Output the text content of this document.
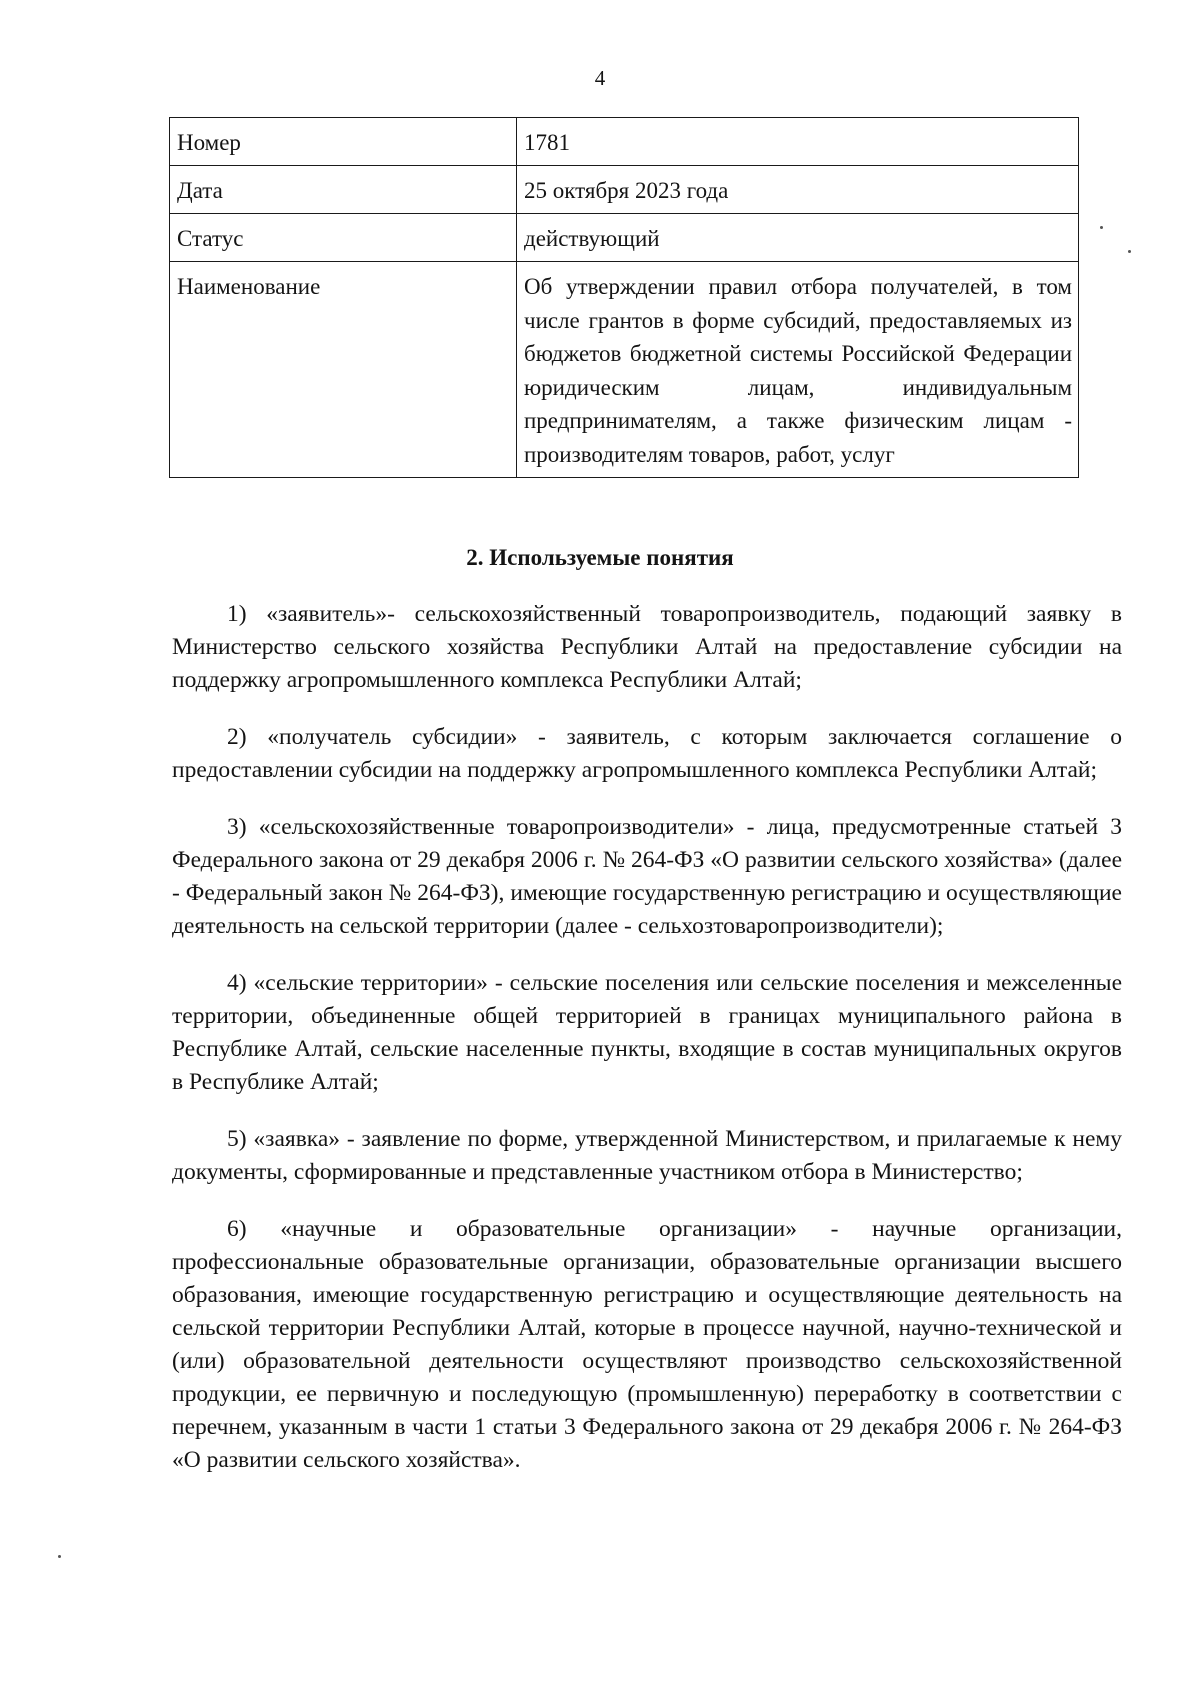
4
Номер	1781
Дата	25 октября 2023 года
Статус	действующий
Наименование	Об утверждении правил отбора получателей, в том числе грантов в форме субсидий, предоставляемых из бюджетов бюджетной системы Российской Федерации юридическим лицам, индивидуальным предпринимателям, а также физическим лицам - производителям товаров, работ, услуг
2. Используемые понятия

1) «заявитель»- сельскохозяйственный товаропроизводитель, подающий заявку в Министерство сельского хозяйства Республики Алтай на предоставление субсидии на поддержку агропромышленного комплекса Республики Алтай;

2) «получатель субсидии» - заявитель, с которым заключается соглашение о предоставлении субсидии на поддержку агропромышленного комплекса Республики Алтай;

3) «сельскохозяйственные товаропроизводители» - лица, предусмотренные статьей 3 Федерального закона от 29 декабря 2006 г. № 264-ФЗ «О развитии сельского хозяйства» (далее - Федеральный закон № 264-ФЗ), имеющие государственную регистрацию и осуществляющие деятельность на сельской территории (далее - сельхозтоваропроизводители);

4) «сельские территории» - сельские поселения или сельские поселения и межселенные территории, объединенные общей территорией в границах муниципального района в Республике Алтай, сельские населенные пункты, входящие в состав муниципальных округов в Республике Алтай;

5) «заявка» - заявление по форме, утвержденной Министерством, и прилагаемые к нему документы, сформированные и представленные участником отбора в Министерство;

6) «научные и образовательные организации» - научные организации, профессиональные образовательные организации, образовательные организации высшего образования, имеющие государственную регистрацию и осуществляющие деятельность на сельской территории Республики Алтай, которые в процессе научной, научно-технической и (или) образовательной деятельности осуществляют производство сельскохозяйственной продукции, ее первичную и последующую (промышленную) переработку в соответствии с перечнем, указанным в части 1 статьи 3 Федерального закона от 29 декабря 2006 г. № 264-ФЗ «О развитии сельского хозяйства».
